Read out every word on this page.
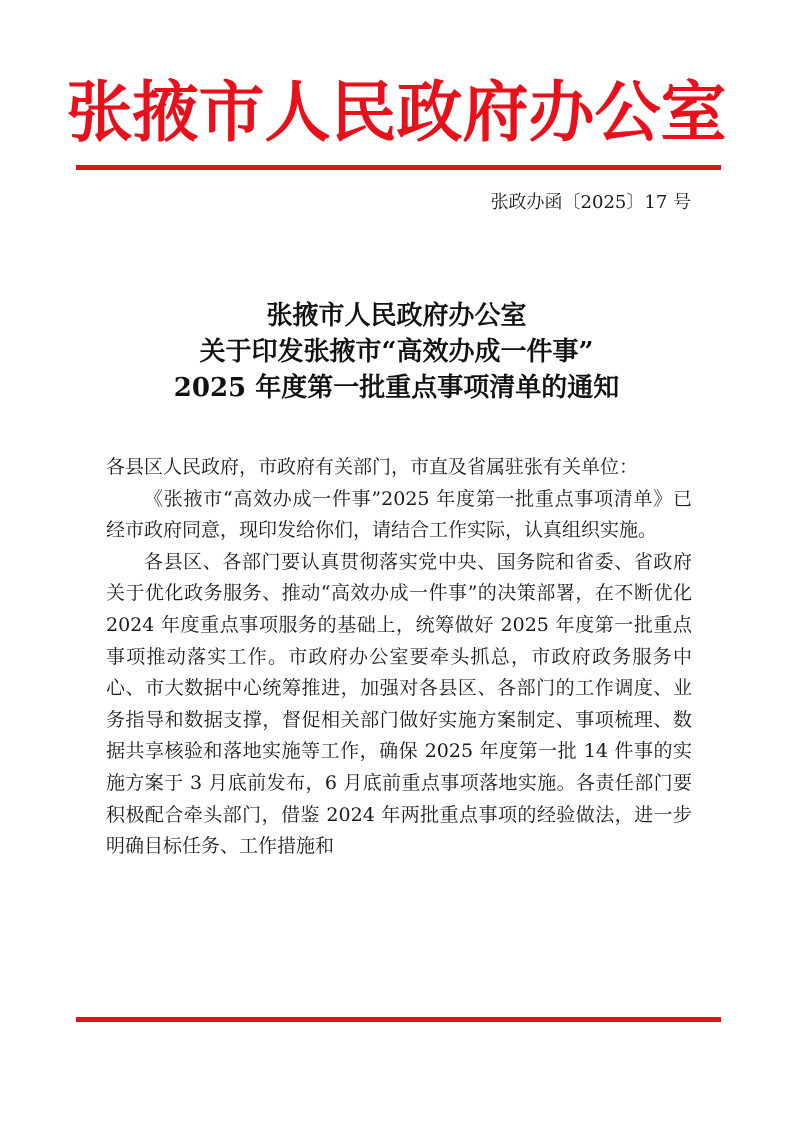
张掖市人民政府办公室
张政办函〔2025〕17 号
张掖市人民政府办公室
关于印发张掖市“高效办成一件事”
2025 年度第一批重点事项清单的通知

各县区人民政府，市政府有关部门，市直及省属驻张有关单位：

《张掖市“高效办成一件事”2025 年度第一批重点事项清单》已经市政府同意，现印发给你们，请结合工作实际，认真组织实施。

各县区、各部门要认真贯彻落实党中央、国务院和省委、省政府关于优化政务服务、推动“高效办成一件事”的决策部署，在不断优化 2024 年度重点事项服务的基础上，统筹做好 2025 年度第一批重点事项推动落实工作。市政府办公室要牵头抓总，市政府政务服务中心、市大数据中心统筹推进，加强对各县区、各部门的工作调度、业务指导和数据支撑，督促相关部门做好实施方案制定、事项梳理、数据共享核验和落地实施等工作，确保 2025 年度第一批 14 件事的实施方案于 3 月底前发布，6 月底前重点事项落地实施。各责任部门要积极配合牵头部门，借鉴 2024 年两批重点事项的经验做法，进一步明确目标任务、工作措施和
